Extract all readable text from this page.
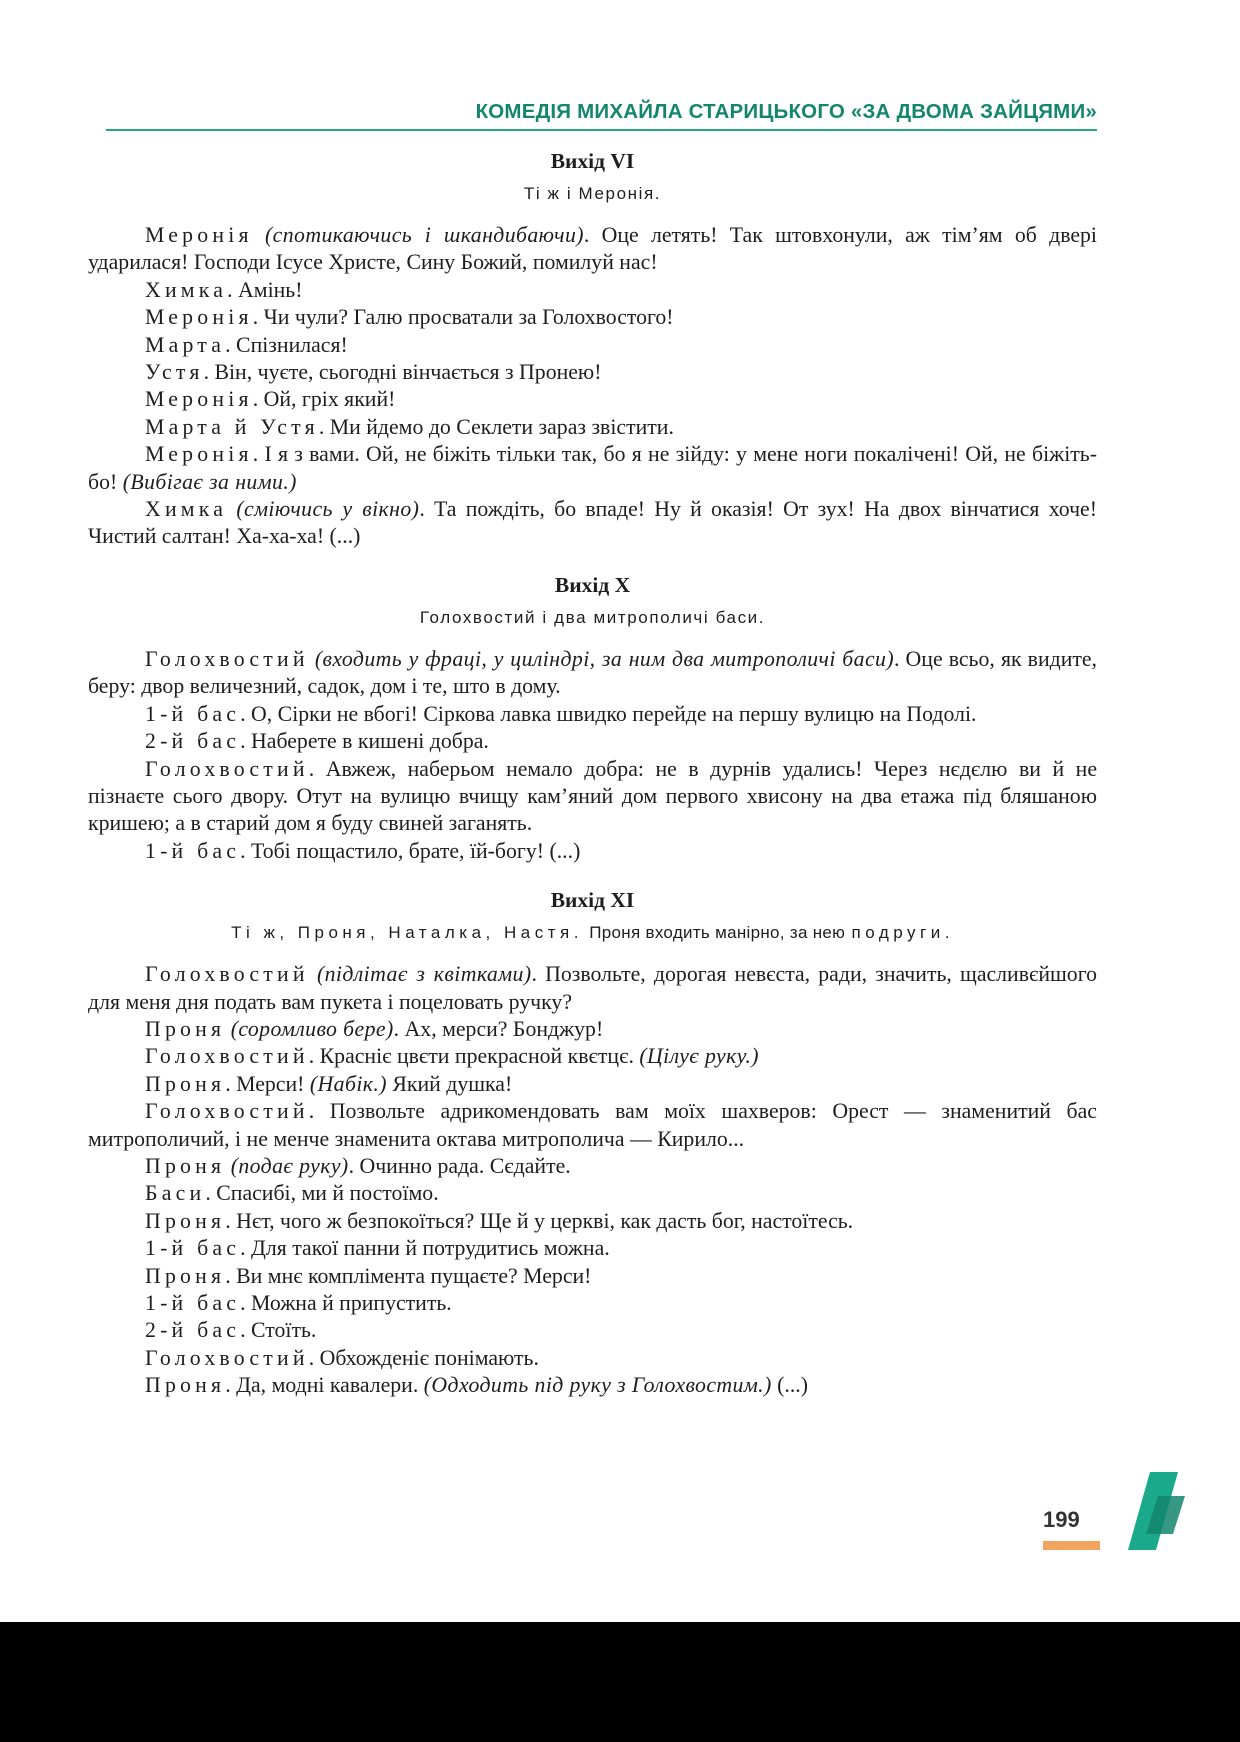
КОМЕДІЯ МИХАЙЛА СТАРИЦЬКОГО «ЗА ДВОМА ЗАЙЦЯМИ»

Вихід VI

Ті ж і Меронія.

Меронія (спотикаючись і шкандибаючи). Оце летять! Так штовхонули, аж тім’ям об двері ударилася! Господи Ісусе Христе, Сину Божий, помилуй нас!

Химка. Амінь!

Меронія. Чи чули? Галю просватали за Голохвостого!

Марта. Спізнилася!

Устя. Він, чуєте, сьогодні вінчається з Пронею!

Меронія. Ой, гріх який!

Марта й Устя. Ми йдемо до Секлети зараз звістити.

Меронія. І я з вами. Ой, не біжіть тільки так, бо я не зійду: у мене ноги покалічені! Ой, не біжіть-бо! (Вибігає за ними.)

Химка (сміючись у вікно). Та пождіть, бо впаде! Ну й оказія! От зух! На двох вінчатися хоче! Чистий салтан! Ха-ха-ха! (...)

Вихід X

Голохвостий і два митрополичі баси.

Голохвостий (входить у фраці, у циліндрі, за ним два митрополичі баси). Оце всьо, як видите, беру: двор величезний, садок, дом і те, што в дому.

1-й бас. О, Сірки не вбогі! Сіркова лавка швидко перейде на першу вулицю на Подолі.

2-й бас. Наберете в кишені добра.

Голохвостий. Авжеж, наберьом немало добра: не в дурнів удались! Через нєдєлю ви й не пізнаєте сього двору. Отут на вулицю вчищу кам’яний дом первого хвисону на два етажа під бляшаною кришею; а в старий дом я буду свиней заганять.

1-й бас. Тобі пощастило, брате, їй-богу! (...)

Вихід XI

Ті ж, Проня, Наталка, Настя. Проня входить манірно, за нею подруги.

Голохвостий (підлітає з квітками). Позвольте, дорогая невєста, ради, значить, щасливєйшого для меня дня подать вам пукета і поцеловать ручку?

Проня (соромливо бере). Ах, мерси? Бонджур!

Голохвостий. Краснiє цвєти прекрасной квєтцє. (Цілує руку.)

Проня. Мерси! (Набік.) Який душка!

Голохвостий. Позвольте адрикомендовать вам моїх шахверов: Орест — знаменитий бас митрополичий, і не менче знаменита октава митрополича — Кирило...

Проня (подає руку). Очинно рада. Сєдайте.

Баси. Спасибі, ми й постоїмо.

Проня. Нєт, чого ж безпокоїться? Ще й у церкві, как дасть бог, настоїтесь.

1-й бас. Для такої панни й потрудитись можна.

Проня. Ви мнє комплімента пущаєте? Мерси!

1-й бас. Можна й припустить.

2-й бас. Стоїть.

Голохвостий. Обхожденiє понімають.

Проня. Да, модні кавалери. (Одходить під руку з Голохвостим.) (...)

199
